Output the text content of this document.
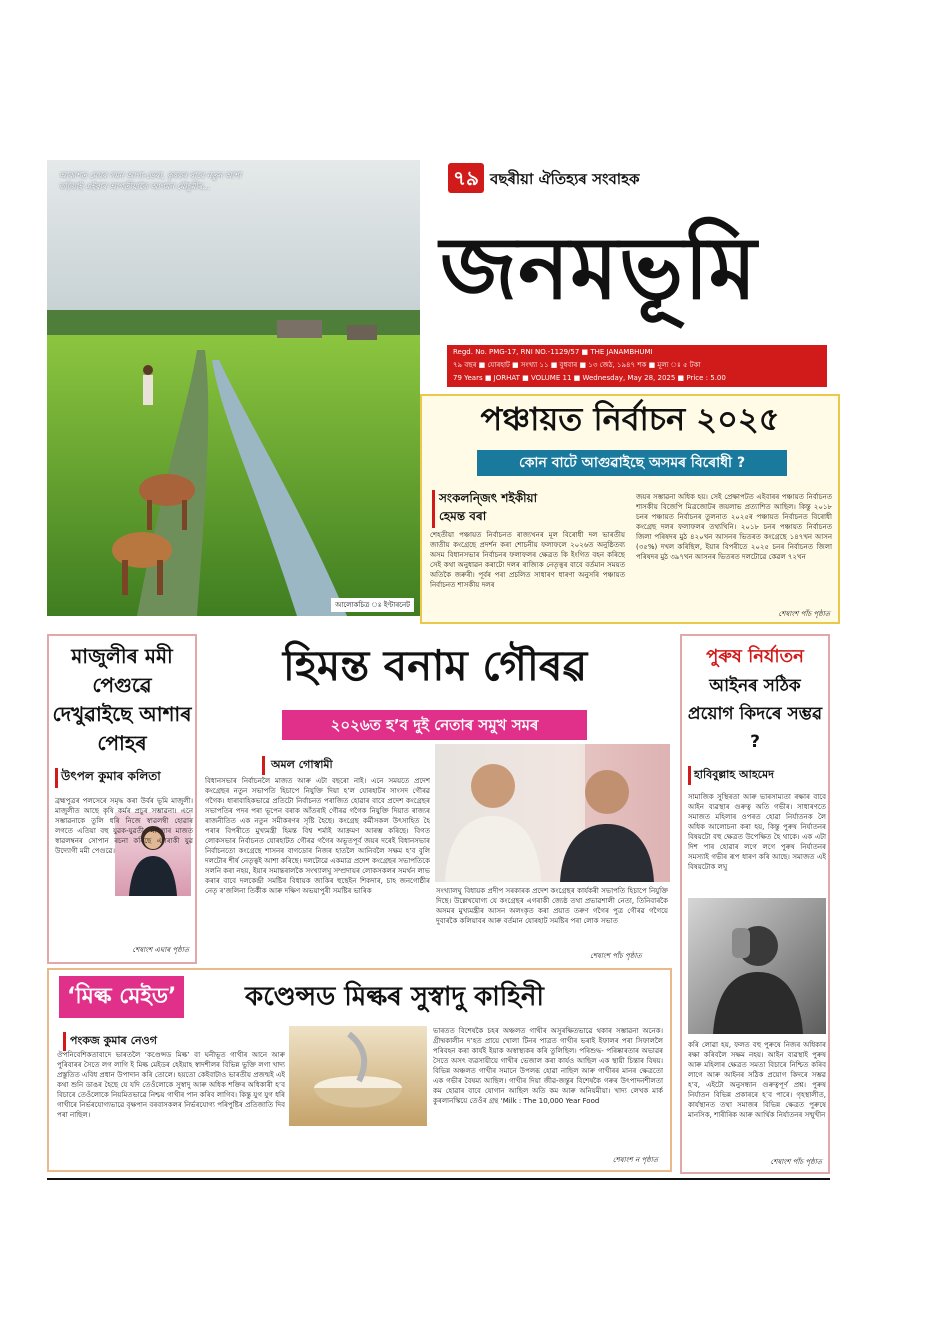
আকাশত মেঘৰ সমন আগা-ডেৰা, কৃষকৰ বাবে নতুন আশা কঢ়িয়াই এইবাৰ আগতীয়াকৈ আগমন মৌচুমীৰ...
আলোকচিত্ৰ ঃ ইণ্টাৰনেট
৭৯ বছৰীয়া ঐতিহ্যৰ সংবাহক
জনমভূমি
Regd. No. PMG-17, RNI NO.-1129/57 ■ THE JANAMBHUMI
৭৯ বছৰ ■ যোৰহাট ■ সংখ্যা ১১ ■ বুধবাৰ ■ ১৩ জেঠ, ১৯৪৭ শক ■ মূল্য ঃ ৫ টকা
79 Years ■ JORHAT ■ VOLUME 11 ■ Wednesday, May 28, 2025 ■ Price : 5.00
পঞ্চায়ত নিৰ্বাচন ২০২৫
কোন বাটে আগুৱাইছে অসমৰ বিৰোধী ?
সংকলন্জিৎ শইকীয়া
হেমন্ত বৰা
শেহতীয়া পঞ্চায়ত নিৰ্বাচনত ৰাজ্যখনৰ মূল বিৰোধী দল ভাৰতীয় জাতীয় কংগ্ৰেছে প্ৰদৰ্শন কৰা শোচনীয় ফলাফলে ২০২৬ত অনুষ্ঠিতব্য অসম বিধানসভাৰ নিৰ্বাচনৰ ফলাফলৰ ক্ষেত্ৰত কি ইংগিত বহন কৰিছে সেই কথা অনুধাৱন কৰাটো দলৰ ৰাজ্যিক নেতৃত্বৰ বাবে বৰ্তমান সময়ত অতিকৈ জৰুৰী। পূৰ্বৰ পৰা প্ৰচলিত সাধাৰণ ধাৰণা অনুসৰি পঞ্চায়ত নিৰ্বাচনত শাসকীয় দলৰ
জয়ৰ সম্ভাৱনা অধিক হয়। সেই প্ৰেক্ষাপটত এইবাৰৰ পঞ্চায়ত নিৰ্বাচনত শাসকীয় বিজেপি মিত্ৰজোটৰ জয়লাভ প্ৰত্যাশিত আছিল। কিন্তু ২০১৮ চনৰ পঞ্চায়ত নিৰ্বাচনৰ তুলনাত ২০২৫ৰ পঞ্চায়ত নিৰ্বাচনত বিৰোধী কংগ্ৰেছ দলৰ ফলাফলৰ তথ্যখিনি। ২০১৮ চনৰ পঞ্চায়ত নিৰ্বাচনত জিলা পৰিষদৰ মুঠ ৪২০খন আসনৰ ভিতৰত কংগ্ৰেছে ১৪৭খন আসন (৩৫%) দখল কৰিছিল, ইয়াৰ বিপৰীতে ২০২৫ চনৰ নিৰ্বাচনত জিলা পৰিষদৰ মুঠ ৩৯৭খন আসনৰ ভিতৰত দলটোৱে কেৱল ৭২খন
শেষাংশ পাঁচ পৃষ্ঠাত
মাজুলীৰ মমী পেগুৱে দেখুৱাইছে আশাৰ পোহৰ
উৎপল কুমাৰ কলিতা
ব্ৰহ্মপুত্ৰৰ পলসেৰে সমৃদ্ধ কৰা উৰ্বৰ ভূমি মাজুলী। মাজুলীত আছে কৃষি কৰ্মৰ প্ৰচুৰ সম্ভাৱনা। এনে সম্ভাৱনাকে তুলি ধৰি নিজে স্বাৱলম্বী হোৱাৰ লগতে এতিয়া বহু যুৱক-যুৱতী, মহিলাৰ মাজত স্বাৱলম্বনৰ সোপান ৰচনা কৰিছে এগৰাকী যুৱ উদ্যোগী মমী পেগুৱে।
শেষাংশ এঘাৰ পৃষ্ঠাত
হিমন্ত বনাম গৌৰৱ
২০২৬ত হ’ব দুই নেতাৰ সমুখ সমৰ
অমল গোস্বামী
বিধানসভাৰ নিৰ্বাচনলৈ মাজত আৰু এটা বছৰো নাই। এনে সময়তে প্ৰদেশ কংগ্ৰেছৰ নতুন সভাপতি হিচাপে নিযুক্তি দিয়া হ’ল যোৰহাটৰ সাংসদ গৌৰৱ গগৈক। ধাৰাবাহিকভাৱে প্ৰতিটো নিৰ্বাচনত পৰাজিত হোৱাৰ বাবে প্ৰদেশ কংগ্ৰেছৰ সভাপতিৰ পদৰ পৰা ভূপেন বৰাক আঁতৰাই গৌৰৱ গগৈক নিযুক্তি দিয়াত ৰাজ্যৰ ৰাজনীতিত এক নতুন সমীকৰণৰ সৃষ্টি হৈছে। কংগ্ৰেছ কৰ্মীসকল উৎসাহিত হৈ পৰাৰ বিপৰীতে মুখ্যমন্ত্ৰী হিমন্ত বিশ্ব শৰ্মাই আক্ৰমণ আৰম্ভ কৰিছে। বিগত লোকসভাৰ নিৰ্বাচনত যোৰহাটত গৌৰৱ গগৈৰ অভূতপূৰ্ব জয়ৰ দৰেই বিধানসভাৰ নিৰ্বাচনতো কংগ্ৰেছে শাসনৰ বাগডোৰ নিজৰ হাতলৈ আনিবলৈ সক্ষম হ’ব বুলি দলটোৰ শীৰ্ষ নেতৃত্বই আশা কৰিছে। দলটোৱে একমাত্ৰ প্ৰদেশ কংগ্ৰেছৰ সভাপতিকে সলনি কৰা নহয়, ইয়াৰ সমান্তৰালকৈ সংখ্যালঘু সম্প্ৰদায়ৰ লোকসকলৰ সমৰ্থন লাভ কৰাৰ বাবে দলকেন্দ্ৰী সমষ্টিৰ বিধায়ক জাকিৰ হুছেইন শিকদাৰ, চাহ জনগোষ্ঠীৰ নেতৃ ৰ’জলিনা তিৰ্কীক আৰু দক্ষিণ অভয়াপুৰী সমষ্টিৰ ভাৰিক	সংখ্যালঘু বিধায়ক প্ৰদীপ সৰকাৰক প্ৰদেশ কংগ্ৰেছৰ কাৰ্যকৰী সভাপতি হিচাপে নিযুক্তি দিছে। উল্লেখযোগ্য যে কংগ্ৰেছৰ এগৰাকী জ্যেষ্ঠ তথা প্ৰভাৱশালী নেতা, তিনিবাৰকৈ অসমৰ মুখ্যমন্ত্ৰীৰ আসন অলংকৃত কৰা প্ৰয়াত তৰুণ গগৈৰ পুত্ৰ গৌৰৱ গগৈয়ে দুবাৰকৈ কলিয়াবৰ আৰু বৰ্তমান যোৰহাট সমষ্টিৰ পৰা লোক সভাত
শেষাংশ পাঁচ পৃষ্ঠাত
পুৰুষ নিৰ্যাতন
আইনৰ সঠিক প্ৰয়োগ কিদৰে সম্ভৱ ?
হাবিবুল্লাহ আহমেদ
সামাজিক সুস্থিৰতা আৰু ভাৰসাম্যতা ৰক্ষাৰ বাবে আইন ব্যৱস্থাৰ গুৰুত্ব অতি গভীৰ। সাধাৰণতে সমাজত মহিলাৰ ওপৰত হোৱা নিৰ্যাতনক লৈ অধিক আলোচনা কৰা হয়, কিন্তু পুৰুষ নিৰ্যাতনৰ বিষয়টো বহু ক্ষেত্ৰত উপেক্ষিত হৈ থাকে। এক এটা দিশ পাৰ হোৱাৰ লগে লগে পুৰুষ নিৰ্যাতনৰ সমস্যাই গভীৰ ৰূপ ধাৰণ কৰি আছে। সমাজত এই বিষয়টোক লঘু
কৰি লোৱা হয়, ফলত বহু পুৰুষে নিজৰ অধিকাৰ ৰক্ষা কৰিবলৈ সক্ষম নহয়। আইন ব্যৱস্থাই পুৰুষ আৰু মহিলাৰ ক্ষেত্ৰত সমতা বিচাৰে নিশ্চিত কৰিব লাগে আৰু আইনৰ সঠিক প্ৰয়োগ কিদৰে সম্ভৱ হ’ব, এইটো অনুসন্ধান গুৰুত্বপূৰ্ণ প্ৰশ্ন। পুৰুষ নিৰ্যাতন বিভিন্ন প্ৰকাৰৰে হ’ব পাৰে। গৃহস্থালীত, কাৰ্যস্থানত তথা সমাজৰ বিভিন্ন ক্ষেত্ৰত পুৰুষে মানসিক, শাৰীৰিক আৰু আৰ্থিক নিৰ্যাতনৰ সন্মুখীন
শেষাংশ পাঁচ পৃষ্ঠাত
‘মিল্ক মেইড’	কণ্ডেন্সড মিল্কৰ সুস্বাদু কাহিনী
পংকজ কুমাৰ নেওগ
ঔপনিবেশিকতাবাদে ভাৰতলৈ ‘কণ্ডেন্সড মিল্ক’ বা ঘনীভূত গাখীৰ আনে আৰু পুৰিবাৰৰ সৈতে লগ লাগি ই মিল্ক মেইডৰ হেইয়াহ স্বাদশীলৰ বিভিন্ন ভুক্তি লগা খাদ্য প্ৰস্তুতিত এবিধ প্ৰধান উপাদান কৰি তোলে। হয়তো কেইবাটাও ভাৰতীয় প্ৰজন্মই এই কথা শুনি ডাঙৰ হৈছে যে যদি তেওঁলোকে সুস্বাদু আৰু অধিক শক্তিৰ অধিকাৰী হ’ব বিচাৰে তেওঁলোকে নিয়মিতভাৱে নিশ্চয় গাখীৰ পান কৰিব লাগিব। কিন্তু যুগ যুগ ধৰি গাখীৰে নিৰ্ভৰযোগ্যভাৱে বৃক্ষপান বৰবাসকলৰ নিৰ্ভৰযোগ্য পৰিপুষ্টিৰ প্ৰতিজাতি দিব পৰা নাছিল।
ভাৰতত বিশেষকৈ চহৰ অঞ্চলত গাখীৰ অসুৰক্ষিতভাৱে থকাৰ সম্ভাৱনা অনেক। গ্ৰীষ্মকালীন দ’হত প্ৰায়ে খোলা টিনৰ পাত্ৰত গাখীৰ ভৰাই ইফালৰ পৰা সিফাললৈ পৰিবহন কৰা কাৰ্যই ইয়াক অস্বাস্থ্যকৰ কৰি তুলিছিল। পৰিশুদ্ধ- পৰিষ্কাৰতাৰ অভাৱৰ সৈতে অসৎ ব্যৱসায়ীয়ে গাখীৰ ভেজাল কৰা কাৰ্যও আছিল এক স্থায়ী চিন্তাৰ বিষয়। বিভিন্ন অঞ্চলত গাখীৰ সমানে উপলব্ধ হোৱা নাছিল আৰু গাখীৰৰ মানৰ ক্ষেত্ৰতো এক গভীৰ বৈষম্য আছিল। গাখীৰ দিয়া জীৱ-জন্তুৰ বিশেষকৈ গৰুৰ উৎপাদনশীলতা কম হোৱাৰ বাবে যোগান আছিল অতি কম আৰু অনিয়মীয়া। খাদ্য লেখক মাৰ্ক কুৰলানস্কিয়ে তেওঁৰ গ্ৰন্থ ‘Milk : The 10,000 Year Food
শেষাংশ ন পৃষ্ঠাত
